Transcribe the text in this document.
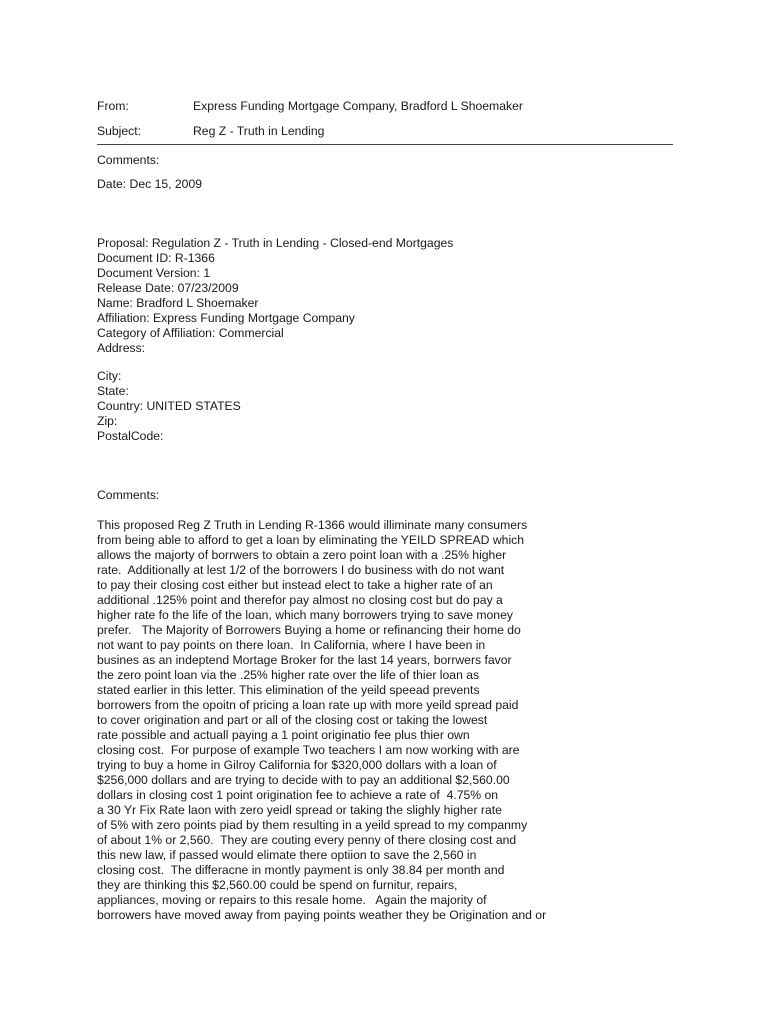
From:	Express Funding Mortgage Company, Bradford L Shoemaker
Subject:	Reg Z - Truth in Lending
Comments:
Date: Dec 15, 2009
Proposal: Regulation Z - Truth in Lending - Closed-end Mortgages
Document ID: R-1366
Document Version: 1
Release Date: 07/23/2009
Name: Bradford L Shoemaker
Affiliation: Express Funding Mortgage Company
Category of Affiliation: Commercial
Address:
City:
State:
Country: UNITED STATES
Zip:
PostalCode:
Comments:
This proposed Reg Z Truth in Lending R-1366 would illiminate many consumers
from being able to afford to get a loan by eliminating the YEILD SPREAD which
allows the majorty of borrwers to obtain a zero point loan with a .25% higher
rate.  Additionally at lest 1/2 of the borrowers I do business with do not want
to pay their closing cost either but instead elect to take a higher rate of an
additional .125% point and therefor pay almost no closing cost but do pay a
higher rate fo the life of the loan, which many borrowers trying to save money
prefer.   The Majority of Borrowers Buying a home or refinancing their home do
not want to pay points on there loan.  In California, where I have been in
busines as an indeptend Mortage Broker for the last 14 years, borrwers favor
the zero point loan via the .25% higher rate over the life of thier loan as
stated earlier in this letter. This elimination of the yeild speead prevents
borrowers from the opoitn of pricing a loan rate up with more yeild spread paid
to cover origination and part or all of the closing cost or taking the lowest
rate possible and actuall paying a 1 point originatio fee plus thier own
closing cost.  For purpose of example Two teachers I am now working with are
trying to buy a home in Gilroy California for $320,000 dollars with a loan of
$256,000 dollars and are trying to decide with to pay an additional $2,560.00
dollars in closing cost 1 point origination fee to achieve a rate of  4.75% on
a 30 Yr Fix Rate laon with zero yeidl spread or taking the slighly higher rate
of 5% with zero points piad by them resulting in a yeild spread to my companmy
of about 1% or 2,560.  They are couting every penny of there closing cost and
this new law, if passed would elimate there optiion to save the 2,560 in
closing cost.  The differacne in montly payment is only 38.84 per month and
they are thinking this $2,560.00 could be spend on furnitur, repairs,
appliances, moving or repairs to this resale home.   Again the majority of
borrowers have moved away from paying points weather they be Origination and or
